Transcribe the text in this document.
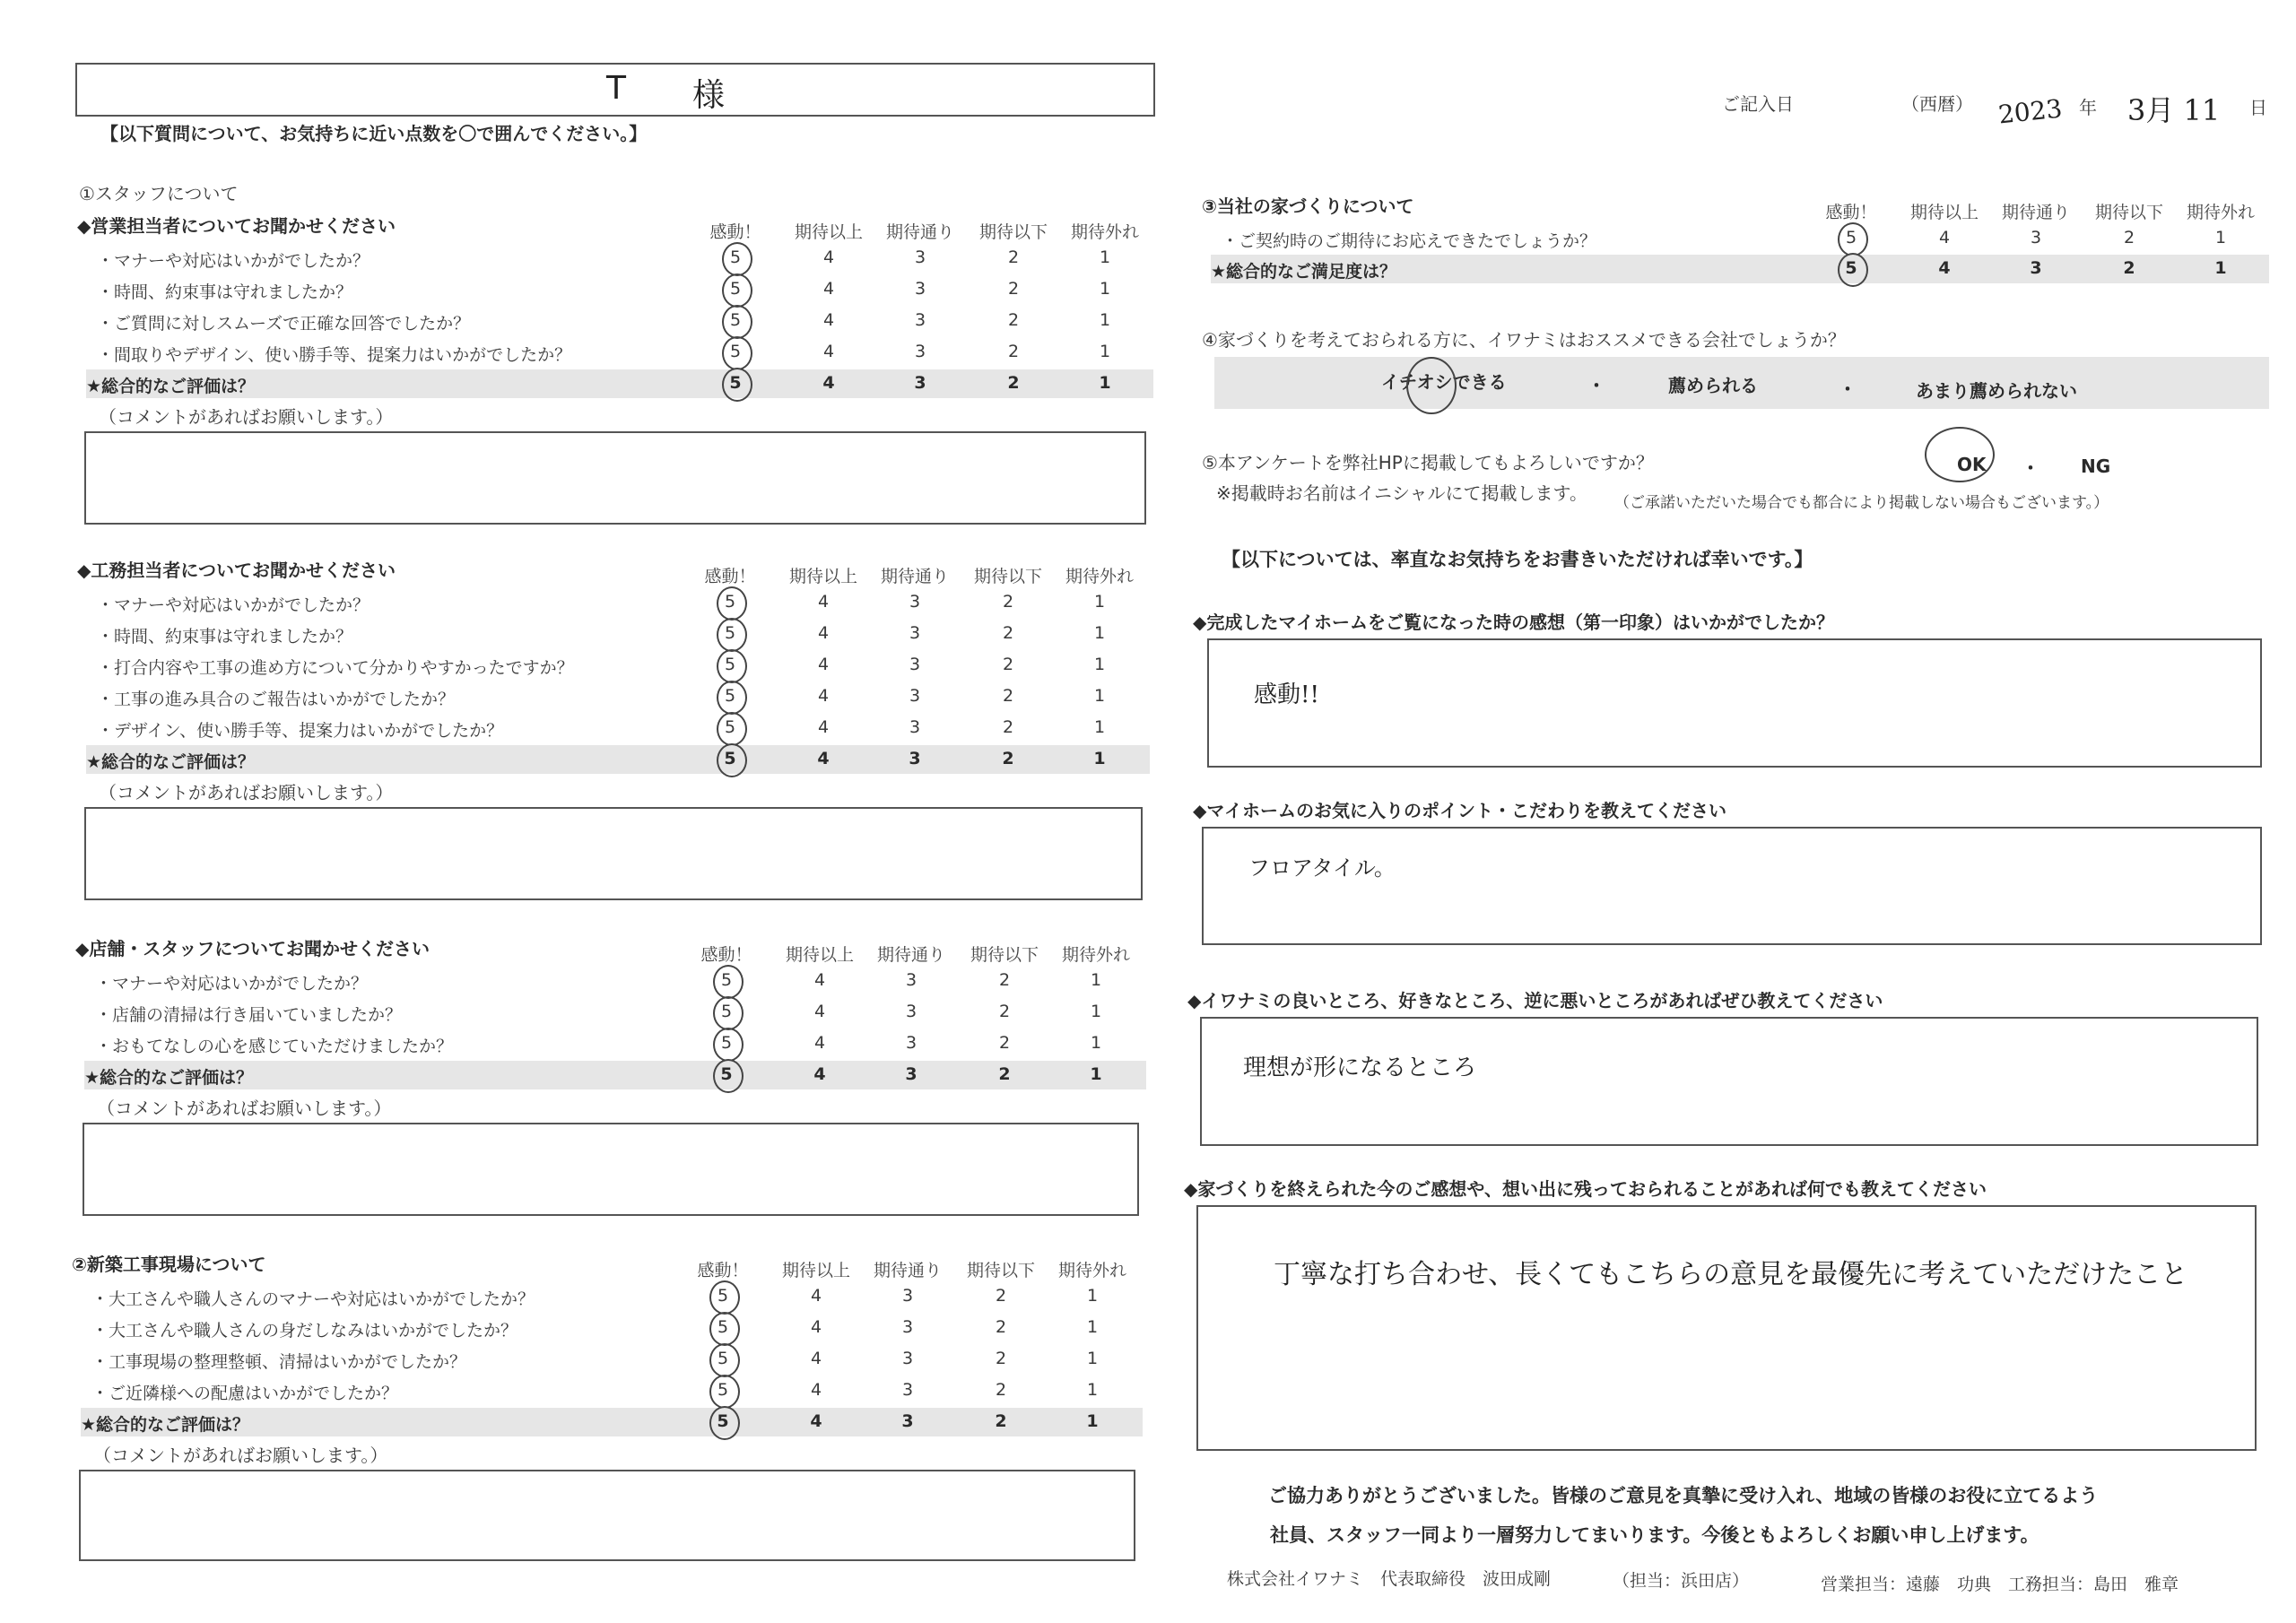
T 様
【以下質問について、お気持ちに近い点数を〇で囲んでください。】
ご記入日	（西暦） 2023 年 3月 11 日
①スタッフについて
◆営業担当者についてお聞かせください	感動！	期待以上	期待通り	期待以下	期待外れ
・マナーや対応はいかがでしたか？	5	4	3	2	1
・時間、約束事は守れましたか？	5	4	3	2	1
・ご質問に対しスムーズで正確な回答でしたか？	5	4	3	2	1
・間取りやデザイン、使い勝手等、提案力はいかがでしたか？	5	4	3	2	1
★総合的なご評価は？	5	4	3	2	1
（コメントがあればお願いします。）
◆工務担当者についてお聞かせください	感動！	期待以上	期待通り	期待以下	期待外れ
・マナーや対応はいかがでしたか？	5	4	3	2	1
・時間、約束事は守れましたか？	5	4	3	2	1
・打合内容や工事の進め方について分かりやすかったですか？	5	4	3	2	1
・工事の進み具合のご報告はいかがでしたか？	5	4	3	2	1
・デザイン、使い勝手等、提案力はいかがでしたか？	5	4	3	2	1
★総合的なご評価は？	5	4	3	2	1
（コメントがあればお願いします。）
◆店舗・スタッフについてお聞かせください	感動！	期待以上	期待通り	期待以下	期待外れ
・マナーや対応はいかがでしたか？	5	4	3	2	1
・店舗の清掃は行き届いていましたか？	5	4	3	2	1
・おもてなしの心を感じていただけましたか？	5	4	3	2	1
★総合的なご評価は？	5	4	3	2	1
（コメントがあればお願いします。）
②新築工事現場について	感動！	期待以上	期待通り	期待以下	期待外れ
・大工さんや職人さんのマナーや対応はいかがでしたか？	5	4	3	2	1
・大工さんや職人さんの身だしなみはいかがでしたか？	5	4	3	2	1
・工事現場の整理整頓、清掃はいかがでしたか？	5	4	3	2	1
・ご近隣様への配慮はいかがでしたか？	5	4	3	2	1
★総合的なご評価は？	5	4	3	2	1
（コメントがあればお願いします。）
③当社の家づくりについて	感動！	期待以上	期待通り	期待以下	期待外れ
・ご契約時のご期待にお応えできたでしょうか？	5	4	3	2	1
★総合的なご満足度は？	5	4	3	2	1
④家づくりを考えておられる方に、イワナミはおススメできる会社でしょうか？
イチオシできる	・	薦められる	・	あまり薦められない
⑤本アンケートを弊社HPに掲載してもよろしいですか？
※掲載時お名前はイニシャルにて掲載します。 （ご承諾いただいた場合でも都合により掲載しない場合もございます。）
OK ・ NG
【以下については、率直なお気持ちをお書きいただければ幸いです。】
◆完成したマイホームをご覧になった時の感想（第一印象）はいかがでしたか？
感動!!
◆マイホームのお気に入りのポイント・こだわりを教えてください
フロアタイル。
◆イワナミの良いところ、好きなところ、逆に悪いところがあればぜひ教えてください
理想が形になるところ
◆家づくりを終えられた今のご感想や、想い出に残っておられることがあれば何でも教えてください
丁寧な打ち合わせ、長くてもこちらの意見を最優先に考えていただけたこと
ご協力ありがとうございました。皆様のご意見を真摯に受け入れ、地域の皆様のお役に立てるよう
社員、スタッフ一同より一層努力してまいります。今後ともよろしくお願い申し上げます。
株式会社イワナミ　代表取締役　波田成剛	（担当：浜田店）	営業担当：遠藤　功典　工務担当：島田　雅章
